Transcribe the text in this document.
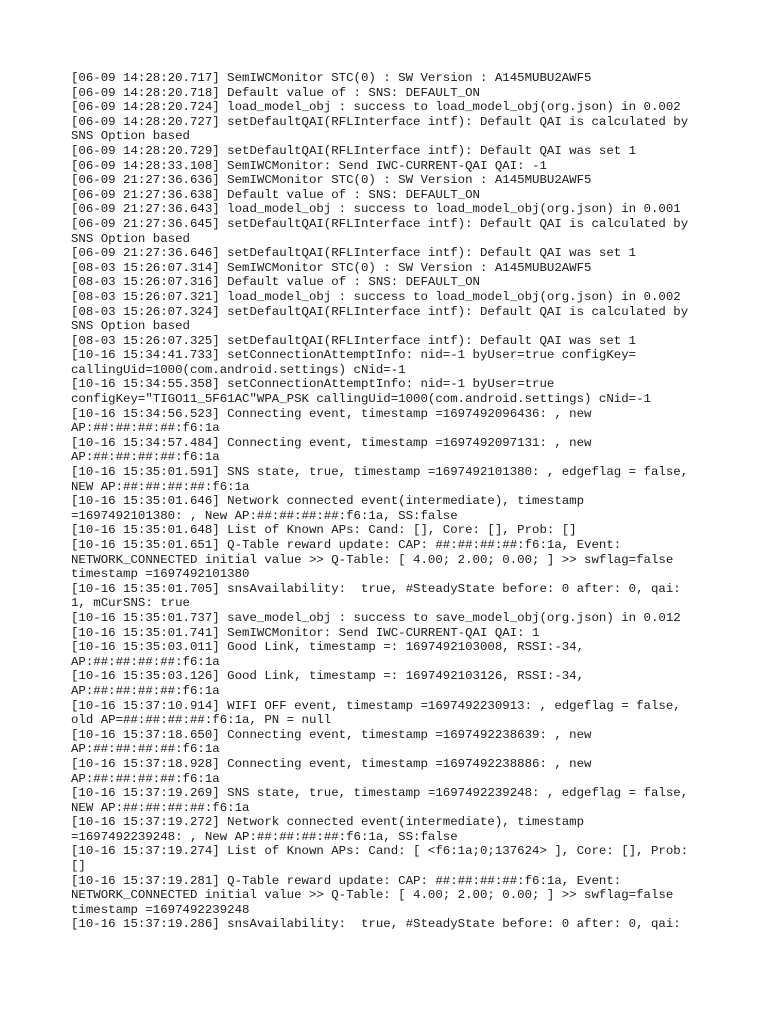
[06-09 14:28:20.717] SemIWCMonitor STC(0) : SW Version : A145MUBU2AWF5

[06-09 14:28:20.718] Default value of : SNS: DEFAULT_ON

[06-09 14:28:20.724] load_model_obj : success to load_model_obj(org.json) in 0.002

[06-09 14:28:20.727] setDefaultQAI(RFLInterface intf): Default QAI is calculated by

SNS Option based

[06-09 14:28:20.729] setDefaultQAI(RFLInterface intf): Default QAI was set 1

[06-09 14:28:33.108] SemIWCMonitor: Send IWC-CURRENT-QAI QAI: -1

[06-09 21:27:36.636] SemIWCMonitor STC(0) : SW Version : A145MUBU2AWF5

[06-09 21:27:36.638] Default value of : SNS: DEFAULT_ON

[06-09 21:27:36.643] load_model_obj : success to load_model_obj(org.json) in 0.001

[06-09 21:27:36.645] setDefaultQAI(RFLInterface intf): Default QAI is calculated by

SNS Option based

[06-09 21:27:36.646] setDefaultQAI(RFLInterface intf): Default QAI was set 1

[08-03 15:26:07.314] SemIWCMonitor STC(0) : SW Version : A145MUBU2AWF5

[08-03 15:26:07.316] Default value of : SNS: DEFAULT_ON

[08-03 15:26:07.321] load_model_obj : success to load_model_obj(org.json) in 0.002

[08-03 15:26:07.324] setDefaultQAI(RFLInterface intf): Default QAI is calculated by

SNS Option based

[08-03 15:26:07.325] setDefaultQAI(RFLInterface intf): Default QAI was set 1

[10-16 15:34:41.733] setConnectionAttemptInfo: nid=-1 byUser=true configKey=

callingUid=1000(com.android.settings) cNid=-1

[10-16 15:34:55.358] setConnectionAttemptInfo: nid=-1 byUser=true

configKey="TIGO11_5F61AC"WPA_PSK callingUid=1000(com.android.settings) cNid=-1

[10-16 15:34:56.523] Connecting event, timestamp =1697492096436: , new

AP:##:##:##:##:f6:1a

[10-16 15:34:57.484] Connecting event, timestamp =1697492097131: , new

AP:##:##:##:##:f6:1a

[10-16 15:35:01.591] SNS state, true, timestamp =1697492101380: , edgeflag = false,

NEW AP:##:##:##:##:f6:1a

[10-16 15:35:01.646] Network connected event(intermediate), timestamp

=1697492101380: , New AP:##:##:##:##:f6:1a, SS:false

[10-16 15:35:01.648] List of Known APs: Cand: [], Core: [], Prob: []

[10-16 15:35:01.651] Q-Table reward update: CAP: ##:##:##:##:f6:1a, Event:

NETWORK_CONNECTED initial value >> Q-Table: [ 4.00; 2.00; 0.00; ] >> swflag=false

timestamp =1697492101380

[10-16 15:35:01.705] snsAvailability:  true, #SteadyState before: 0 after: 0, qai:

1, mCurSNS: true

[10-16 15:35:01.737] save_model_obj : success to save_model_obj(org.json) in 0.012

[10-16 15:35:01.741] SemIWCMonitor: Send IWC-CURRENT-QAI QAI: 1

[10-16 15:35:03.011] Good Link, timestamp =: 1697492103008, RSSI:-34,

AP:##:##:##:##:f6:1a

[10-16 15:35:03.126] Good Link, timestamp =: 1697492103126, RSSI:-34,

AP:##:##:##:##:f6:1a

[10-16 15:37:10.914] WIFI OFF event, timestamp =1697492230913: , edgeflag = false,

old AP=##:##:##:##:f6:1a, PN = null

[10-16 15:37:18.650] Connecting event, timestamp =1697492238639: , new

AP:##:##:##:##:f6:1a

[10-16 15:37:18.928] Connecting event, timestamp =1697492238886: , new

AP:##:##:##:##:f6:1a

[10-16 15:37:19.269] SNS state, true, timestamp =1697492239248: , edgeflag = false,

NEW AP:##:##:##:##:f6:1a

[10-16 15:37:19.272] Network connected event(intermediate), timestamp

=1697492239248: , New AP:##:##:##:##:f6:1a, SS:false

[10-16 15:37:19.274] List of Known APs: Cand: [ <f6:1a;0;137624> ], Core: [], Prob:

[]

[10-16 15:37:19.281] Q-Table reward update: CAP: ##:##:##:##:f6:1a, Event:

NETWORK_CONNECTED initial value >> Q-Table: [ 4.00; 2.00; 0.00; ] >> swflag=false

timestamp =1697492239248

[10-16 15:37:19.286] snsAvailability:  true, #SteadyState before: 0 after: 0, qai:
